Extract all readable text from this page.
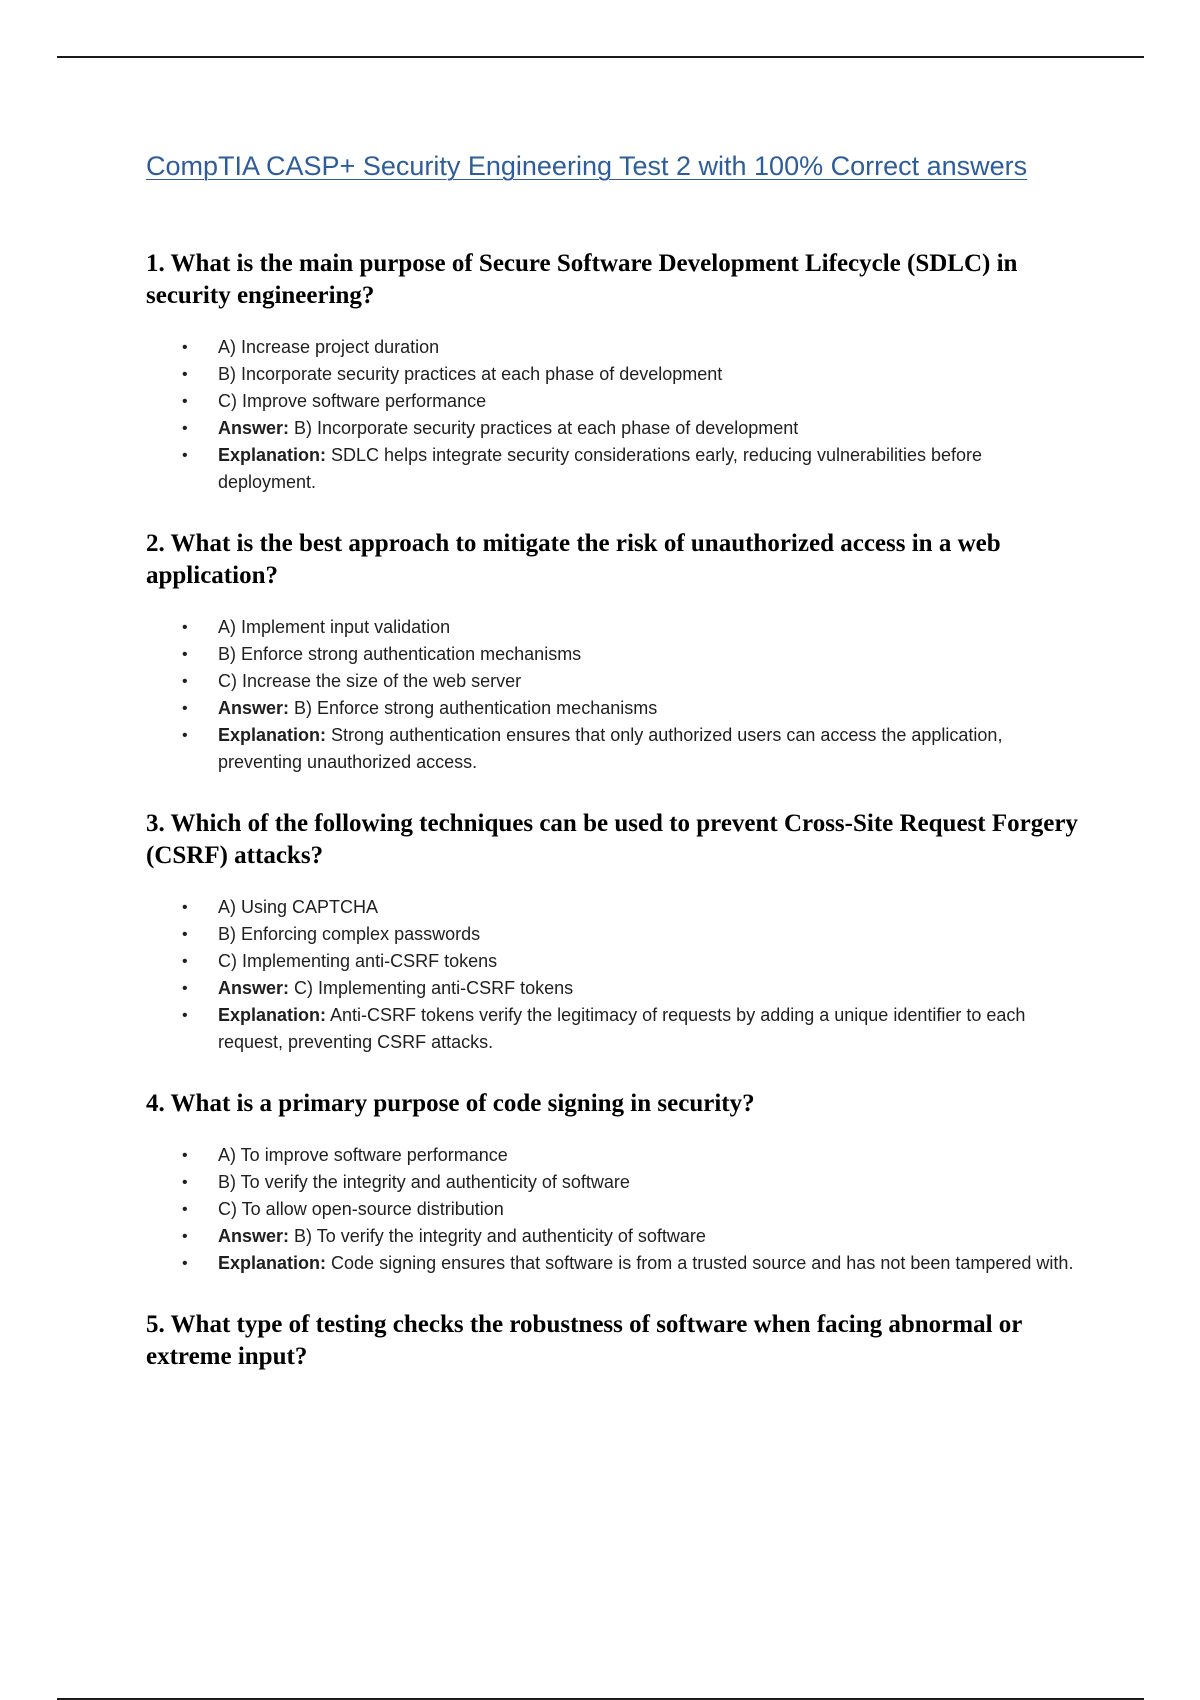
CompTIA CASP+ Security Engineering Test 2 with 100% Correct answers
1. What is the main purpose of Secure Software Development Lifecycle (SDLC) in security engineering?
• A) Increase project duration
• B) Incorporate security practices at each phase of development
• C) Improve software performance
• Answer: B) Incorporate security practices at each phase of development
• Explanation: SDLC helps integrate security considerations early, reducing vulnerabilities before deployment.
2. What is the best approach to mitigate the risk of unauthorized access in a web application?
• A) Implement input validation
• B) Enforce strong authentication mechanisms
• C) Increase the size of the web server
• Answer: B) Enforce strong authentication mechanisms
• Explanation: Strong authentication ensures that only authorized users can access the application, preventing unauthorized access.
3. Which of the following techniques can be used to prevent Cross-Site Request Forgery (CSRF) attacks?
• A) Using CAPTCHA
• B) Enforcing complex passwords
• C) Implementing anti-CSRF tokens
• Answer: C) Implementing anti-CSRF tokens
• Explanation: Anti-CSRF tokens verify the legitimacy of requests by adding a unique identifier to each request, preventing CSRF attacks.
4. What is a primary purpose of code signing in security?
• A) To improve software performance
• B) To verify the integrity and authenticity of software
• C) To allow open-source distribution
• Answer: B) To verify the integrity and authenticity of software
• Explanation: Code signing ensures that software is from a trusted source and has not been tampered with.
5. What type of testing checks the robustness of software when facing abnormal or extreme input?
